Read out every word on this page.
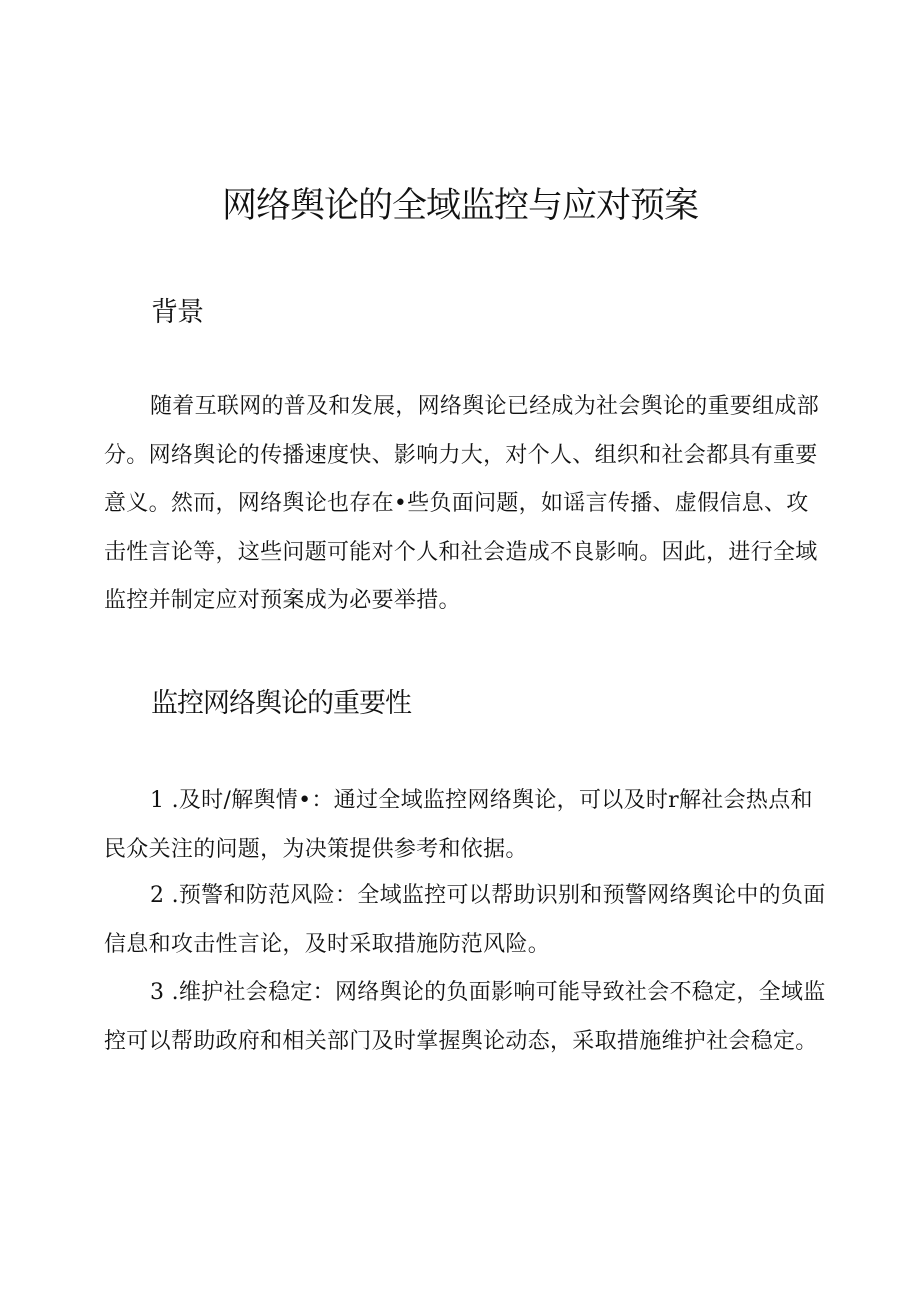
网络舆论的全域监控与应对预案
背景

随着互联网的普及和发展，网络舆论已经成为社会舆论的重要组成部分。网络舆论的传播速度快、影响力大，对个人、组织和社会都具有重要意义。然而，网络舆论也存在•些负面问题，如谣言传播、虚假信息、攻击性言论等，这些问题可能对个人和社会造成不良影响。因此，进行全域监控并制定应对预案成为必要举措。

监控网络舆论的重要性

1 .及时/解舆情•：通过全域监控网络舆论，可以及时r解社会热点和民众关注的问题，为决策提供参考和依据。

2 .预警和防范风险：全域监控可以帮助识别和预警网络舆论中的负面信息和攻击性言论，及时采取措施防范风险。

3 .维护社会稳定：网络舆论的负面影响可能导致社会不稳定，全域监控可以帮助政府和相关部门及时掌握舆论动态，采取措施维护社会稳定。
